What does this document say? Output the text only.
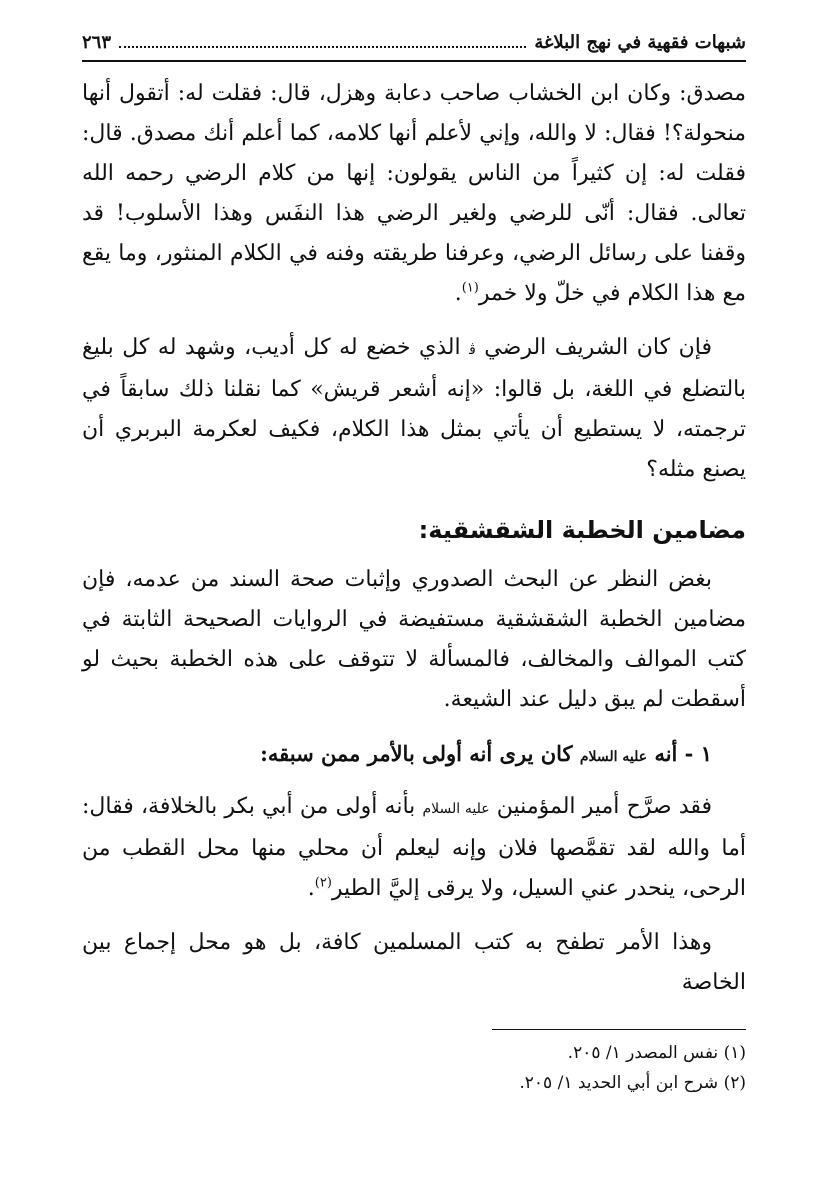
شبهات فقهية في نهج البلاغة
٢٦٣

مصدق: وكان ابن الخشاب صاحب دعابة وهزل، قال: فقلت له: أتقول أنها منحولة؟! فقال: لا والله، وإني لأعلم أنها كلامه، كما أعلم أنك مصدق. قال: فقلت له: إن كثيراً من الناس يقولون: إنها من كلام الرضي رحمه الله تعالى. فقال: أنّى للرضي ولغير الرضي هذا النفَس وهذا الأسلوب! قد وقفنا على رسائل الرضي، وعرفنا طريقته وفنه في الكلام المنثور، وما يقع مع هذا الكلام في خلّ ولا خمر$^{(١)}$.

فإن كان الشريف الرضي ﭬ الذي خضع له كل أديب، وشهد له كل بليغ بالتضلع في اللغة، بل قالوا: «إنه أشعر قريش» كما نقلنا ذلك سابقاً في ترجمته، لا يستطيع أن يأتي بمثل هذا الكلام، فكيف لعكرمة البربري أن يصنع مثله؟

مضامين الخطبة الشقشقية:

بغض النظر عن البحث الصدوري وإثبات صحة السند من عدمه، فإن مضامين الخطبة الشقشقية مستفيضة في الروايات الصحيحة الثابتة في كتب الموالف والمخالف، فالمسألة لا تتوقف على هذه الخطبة بحيث لو أسقطت لم يبق دليل عند الشيعة.

١ - أنه عليه السلام كان يرى أنه أولى بالأمر ممن سبقه:

فقد صرَّح أمير المؤمنين عليه السلام بأنه أولى من أبي بكر بالخلافة، فقال: أما والله لقد تقمَّصها فلان وإنه ليعلم أن محلي منها محل القطب من الرحى، ينحدر عني السيل، ولا يرقى إليَّ الطير$^{(٢)}$.

وهذا الأمر تطفح به كتب المسلمين كافة، بل هو محل إجماع بين الخاصة

(١) نفس المصدر ١/ ٢٠٥.

(٢) شرح ابن أبي الحديد ١/ ٢٠٥.
